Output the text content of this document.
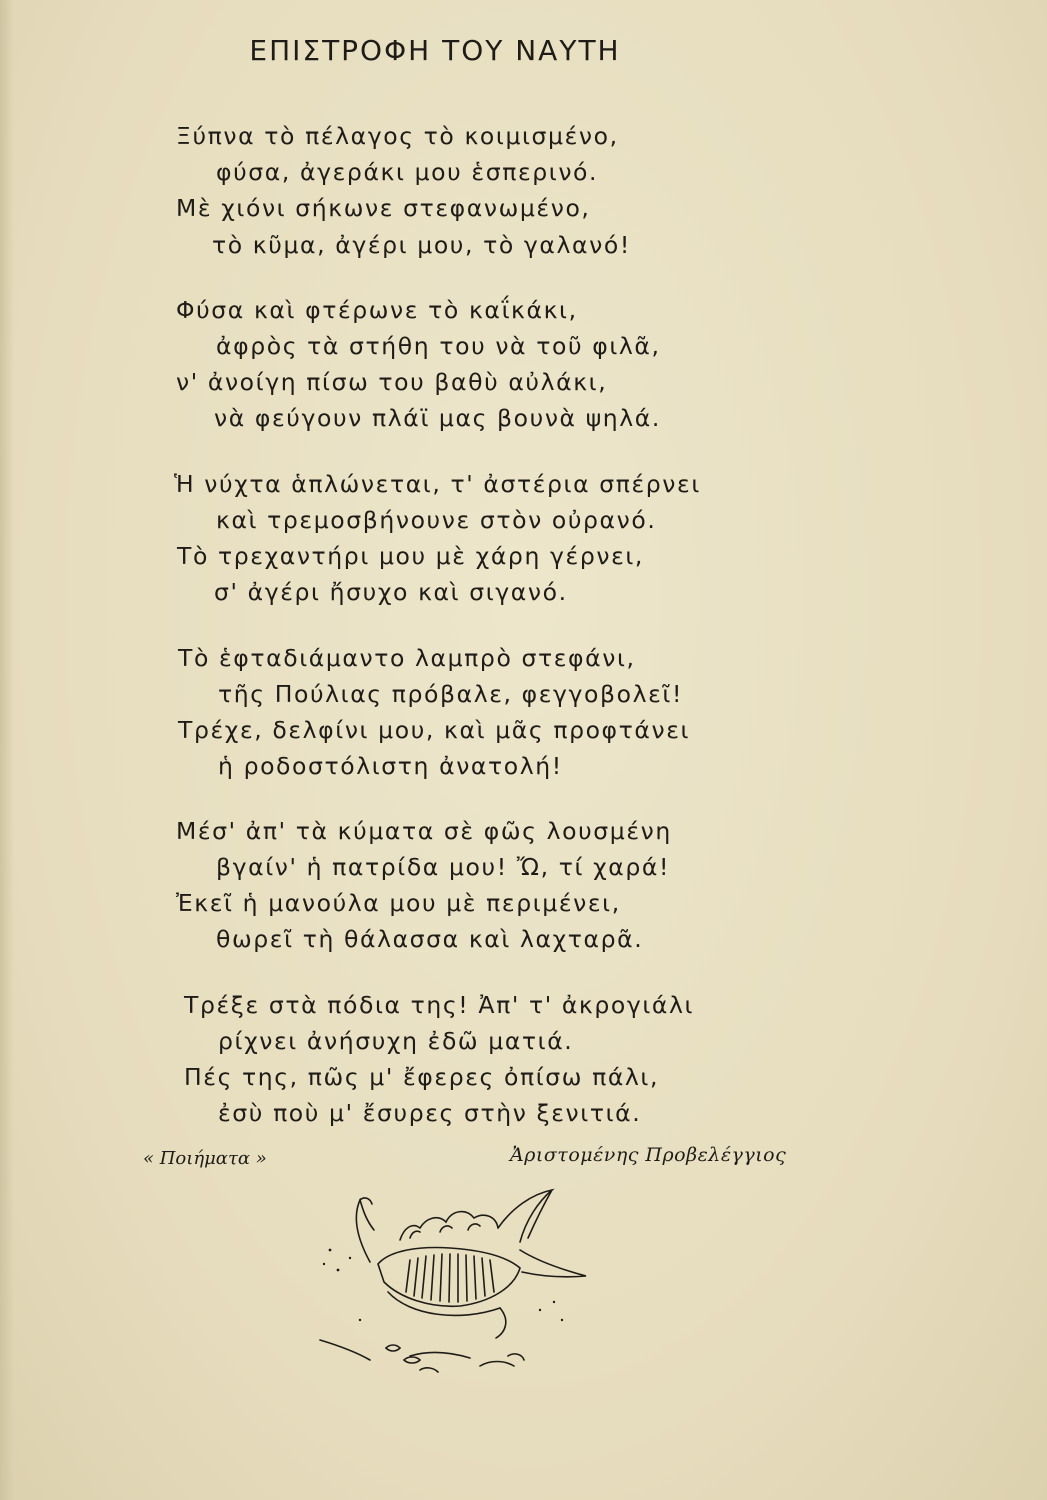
ΕΠΙΣΤΡΟΦΗ ΤΟΥ ΝΑΥΤΗ
Ξύπνα τὸ πέλαγος τὸ κοιμισμένο,
φύσα, ἀγεράκι μου ἑσπερινό.
Μὲ χιόνι σήκωνε στεφανωμένο,
τὸ κῦμα, ἀγέρι μου, τὸ γαλανό!
Φύσα καὶ φτέρωνε τὸ καΐκάκι,
ἀφρὸς τὰ στήθη του νὰ τοῦ φιλᾶ,
ν' ἀνοίγη πίσω του βαθὺ αὐλάκι,
νὰ φεύγουν πλάϊ μας βουνὰ ψηλά.
Ἡ νύχτα ἁπλώνεται, τ' ἀστέρια σπέρνει
καὶ τρεμοσβήνουνε στὸν οὐρανό.
Τὸ τρεχαντήρι μου μὲ χάρη γέρνει,
σ' ἀγέρι ἤσυχο καὶ σιγανό.
Τὸ ἑφταδιάμαντο λαμπρὸ στεφάνι,
τῆς Πούλιας πρόβαλε, φεγγοβολεῖ!
Τρέχε, δελφίνι μου, καὶ μᾶς προφτάνει
ἡ ροδοστόλιστη ἀνατολή!
Μέσ' ἀπ' τὰ κύματα σὲ φῶς λουσμένη
βγαίν' ἡ πατρίδα μου! Ὤ, τί χαρά!
Ἐκεῖ ἡ μανούλα μου μὲ περιμένει,
θωρεῖ τὴ θάλασσα καὶ λαχταρᾶ.
Τρέξε στὰ πόδια της! Ἀπ' τ' ἀκρογιάλι
ρίχνει ἀνήσυχη ἐδῶ ματιά.
Πές της, πῶς μ' ἔφερες ὀπίσω πάλι,
ἐσὺ ποὺ μ' ἔσυρες στὴν ξενιτιά.
« Ποιήματα »	Ἀριστομένης Προβελέγγιος
